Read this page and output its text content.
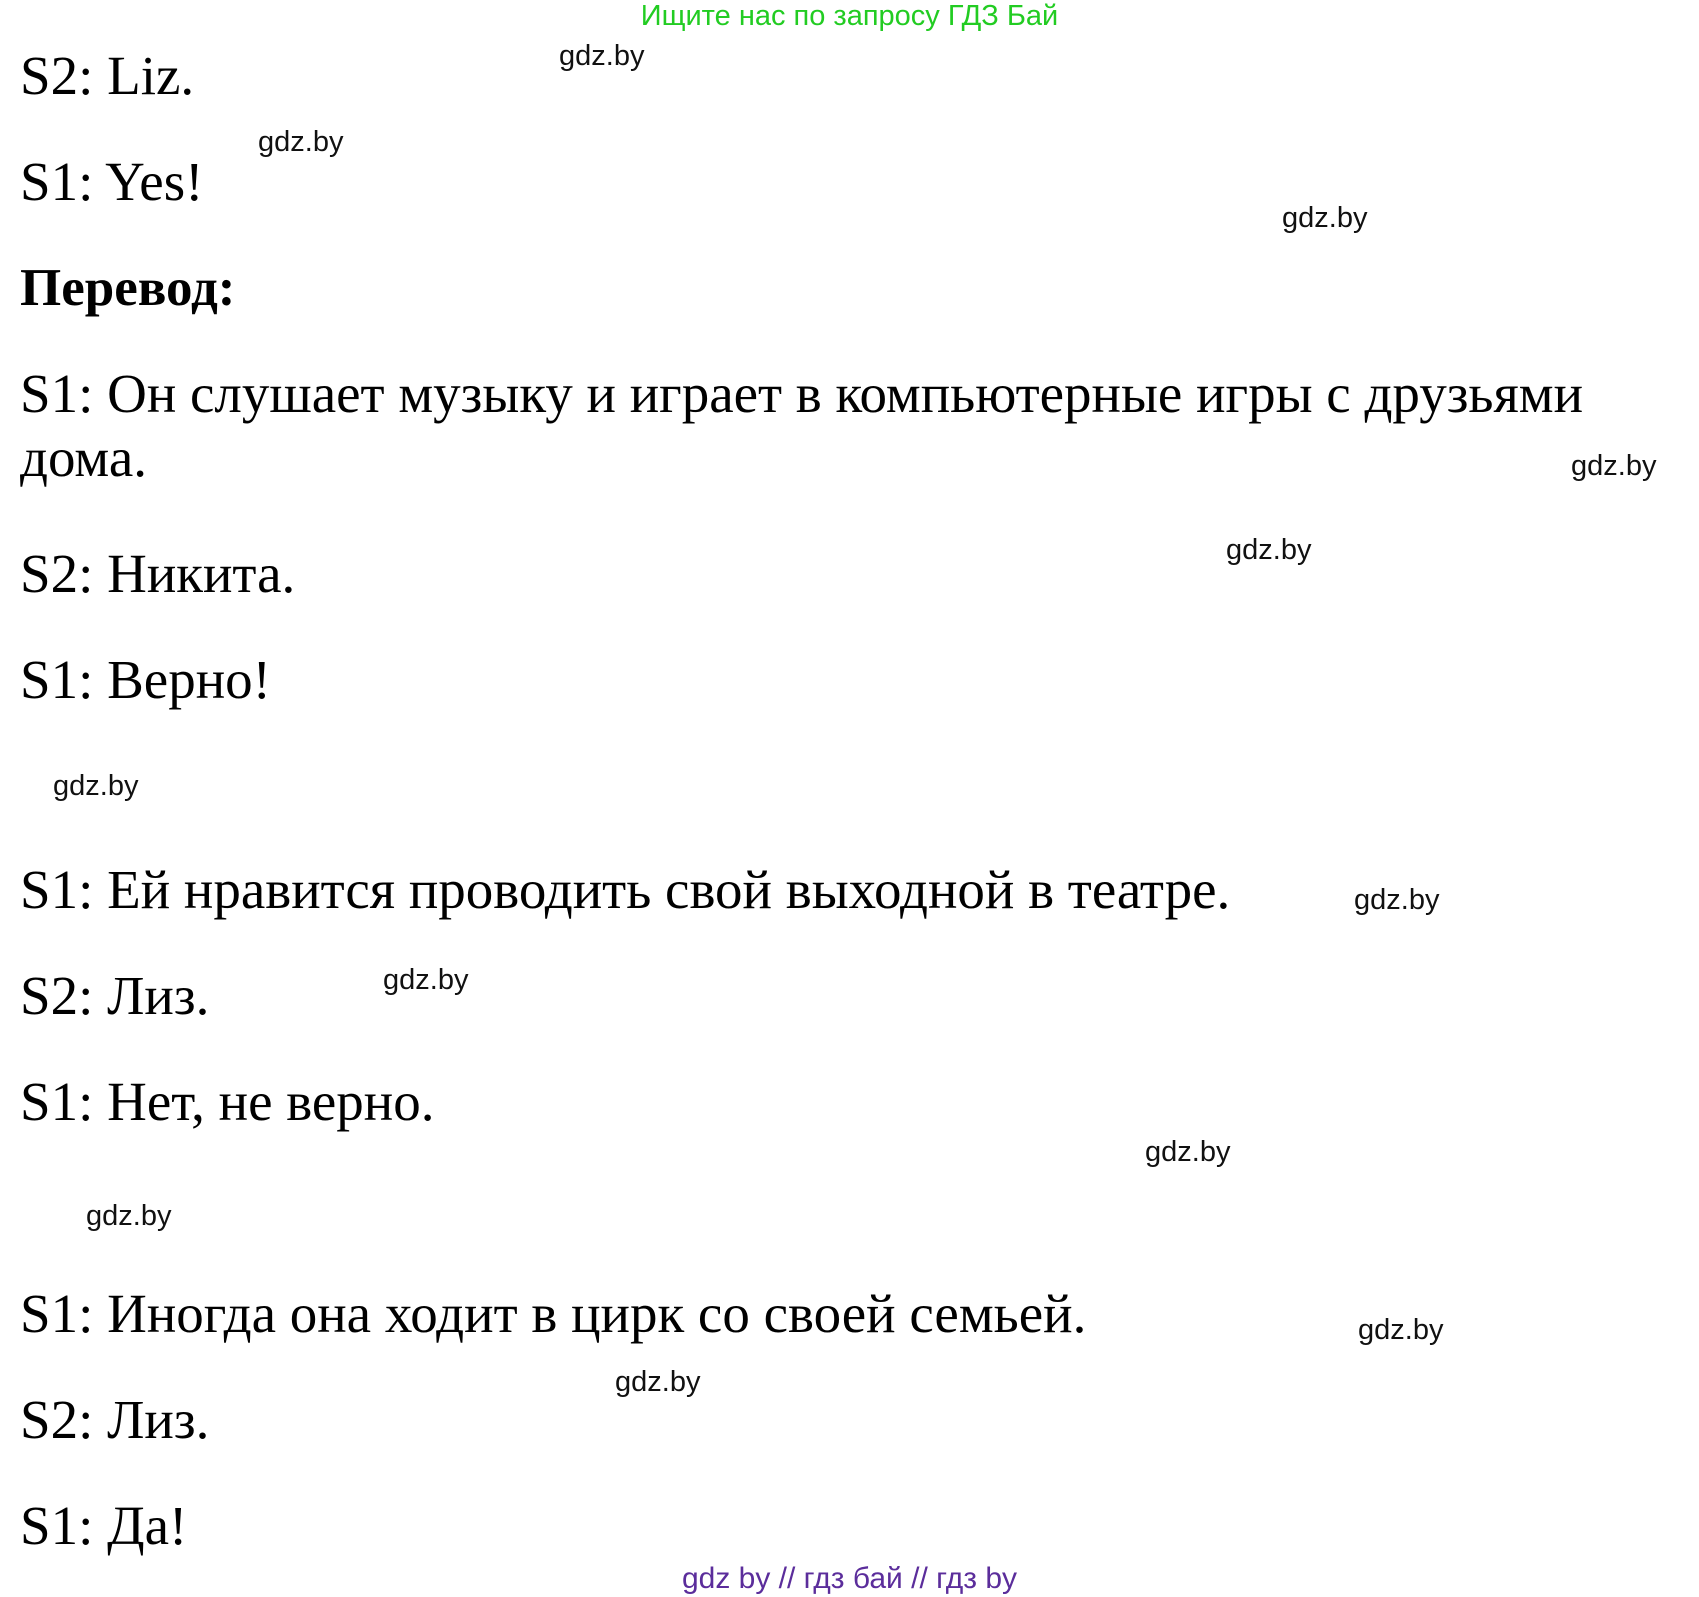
Ищите нас по запросу ГДЗ Бай
S2: Liz.
S1: Yes!
Перевод:
S1: Он слушает музыку и играет в компьютерные игры с друзьями дома.
S2: Никита.
S1: Верно!
S1: Ей нравится проводить свой выходной в театре.
S2: Лиз.
S1: Нет, не верно.
S1: Иногда она ходит в цирк со своей семьей.
S2: Лиз.
S1: Да!
gdz.by
gdz.by
gdz.by
gdz.by
gdz.by
gdz.by
gdz.by
gdz.by
gdz.by
gdz.by
gdz.by
gdz.by
gdz by // гдз бай // гдз by
